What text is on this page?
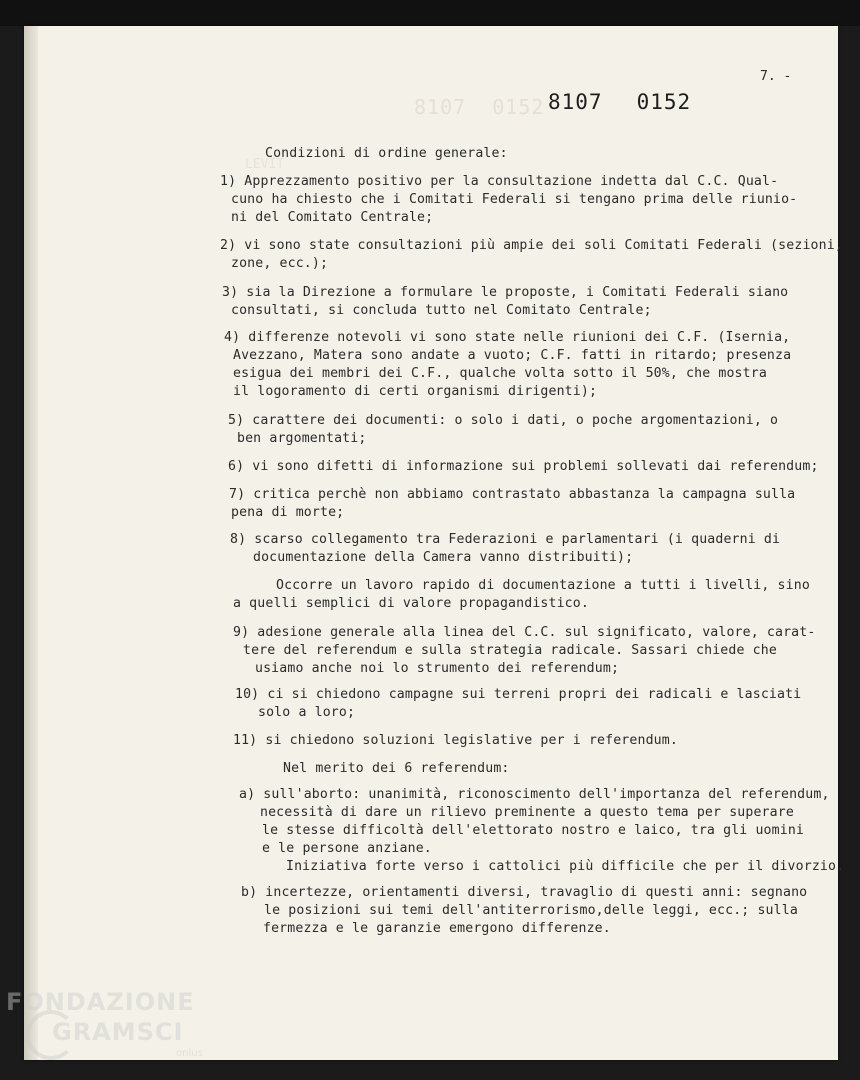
8107  0152
LEVIT
7. -
8107 0152
Condizioni di ordine generale:
1) Apprezzamento positivo per la consultazione indetta dal C.C. Qual-
cuno ha chiesto che i Comitati Federali si tengano prima delle riunio-
ni del Comitato Centrale;
2) vi sono state consultazioni più ampie dei soli Comitati Federali (sezioni,
zone, ecc.);
3) sia la Direzione a formulare le proposte, i Comitati Federali siano
consultati, si concluda tutto nel Comitato Centrale;
4) differenze notevoli vi sono state nelle riunioni dei C.F. (Isernia,
Avezzano, Matera sono andate a vuoto; C.F. fatti in ritardo; presenza
esigua dei membri dei C.F., qualche volta sotto il 50%, che mostra
il logoramento di certi organismi dirigenti);
5) carattere dei documenti: o solo i dati, o poche argomentazioni, o
ben argomentati;
6) vi sono difetti di informazione sui problemi sollevati dai referendum;
7) critica perchè non abbiamo contrastato abbastanza la campagna sulla
pena di morte;
8) scarso collegamento tra Federazioni e parlamentari (i quaderni di
documentazione della Camera vanno distribuiti);
Occorre un lavoro rapido di documentazione a tutti i livelli, sino
a quelli semplici di valore propagandistico.
9) adesione generale alla linea del C.C. sul significato, valore, carat-
tere del referendum e sulla strategia radicale. Sassari chiede che
usiamo anche noi lo strumento dei referendum;
10) ci si chiedono campagne sui terreni propri dei radicali e lasciati
solo a loro;
11) si chiedono soluzioni legislative per i referendum.
Nel merito dei 6 referendum:
a) sull'aborto: unanimità, riconoscimento dell'importanza del referendum,
necessità di dare un rilievo preminente a questo tema per superare
le stesse difficoltà dell'elettorato nostro e laico, tra gli uomini
e le persone anziane.
Iniziativa forte verso i cattolici più difficile che per il divorzio.
b) incertezze, orientamenti diversi, travaglio di questi anni: segnano
le posizioni sui temi dell'antiterrorismo,delle leggi, ecc.; sulla
fermezza e le garanzie emergono differenze.
FONDAZIONE
GRAMSCI
onlus
